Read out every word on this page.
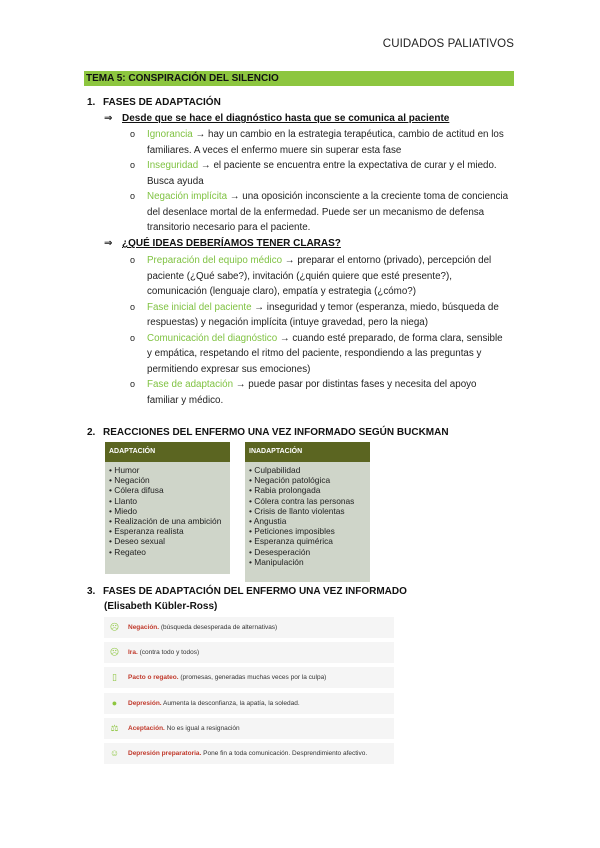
CUIDADOS PALIATIVOS
TEMA 5: CONSPIRACIÓN DEL SILENCIO
1. FASES DE ADAPTACIÓN
⇒ Desde que se hace el diagnóstico hasta que se comunica al paciente
o Ignorancia → hay un cambio en la estrategia terapéutica, cambio de actitud en los familiares. A veces el enfermo muere sin superar esta fase
o Inseguridad → el paciente se encuentra entre la expectativa de curar y el miedo. Busca ayuda
o Negación implícita → una oposición inconsciente a la creciente toma de conciencia del desenlace mortal de la enfermedad. Puede ser un mecanismo de defensa transitorio necesario para el paciente.
⇒ ¿QUÉ IDEAS DEBERÍAMOS TENER CLARAS?
o Preparación del equipo médico → preparar el entorno (privado), percepción del paciente (¿Qué sabe?), invitación (¿quién quiere que esté presente?), comunicación (lenguaje claro), empatía y estrategia (¿cómo?)
o Fase inicial del paciente → inseguridad y temor (esperanza, miedo, búsqueda de respuestas) y negación implícita (intuye gravedad, pero la niega)
o Comunicación del diagnóstico → cuando esté preparado, de forma clara, sensible y empática, respetando el ritmo del paciente, respondiendo a las preguntas y permitiendo expresar sus emociones)
o Fase de adaptación → puede pasar por distintas fases y necesita del apoyo familiar y médico.
2. REACCIONES DEL ENFERMO UNA VEZ INFORMADO SEGÚN BUCKMAN
ADAPTACIÓN
• Humor
• Negación
• Cólera difusa
• Llanto
• Miedo
• Realización de una ambición
• Esperanza realista
• Deseo sexual
• Regateo
INADAPTACIÓN
• Culpabilidad
• Negación patológica
• Rabia prolongada
• Cólera contra las personas
• Crisis de llanto violentas
• Angustia
• Peticiones imposibles
• Esperanza quimérica
• Desesperación
• Manipulación
3. FASES DE ADAPTACIÓN DEL ENFERMO UNA VEZ INFORMADO
(Elisabeth Kübler-Ross)
☹ Negación. (búsqueda desesperada de alternativas)
☹ Ira. (contra todo y todos)
▯	Pacto o regateo. (promesas, generadas muchas veces por la culpa)
●	Depresión. Aumenta la desconfianza, la apatía, la soledad.
⚖ Aceptación. No es igual a resignación
☺ Depresión preparatoria. Pone fin a toda comunicación. Desprendimiento afectivo.
